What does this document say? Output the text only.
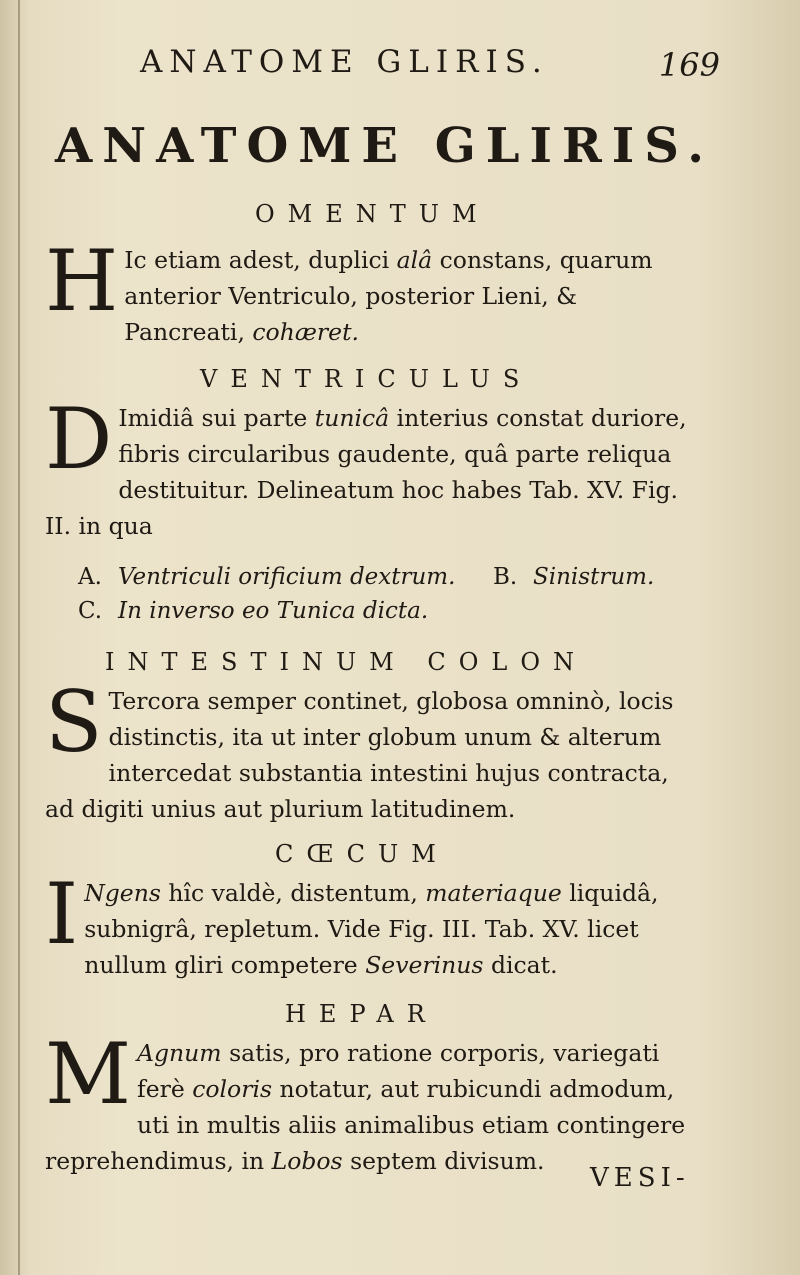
ANATOME GLIRIS.	169
ANATOME GLIRIS.
OMENTUM
H Ic etiam adest, duplici alâ constans, quarum anterior Ventriculo, posterior Lieni, & Pancreati, cohæret.

VENTRICULUS
D Imidiâ sui parte tunicâ interius constat duriore, fibris circularibus gaudente, quâ parte reliqua destituitur. Delineatum hoc habes Tab. XV. Fig. II. in qua

A. Ventriculi orificium dextrum. B. Sinistrum.
C. In inverso eo Tunica dicta.
INTESTINUM COLON
S Tercora semper continet, globosa omninò, locis distinctis, ita ut inter globum unum & alterum intercedat substantia intestini hujus contracta, ad digiti unius aut plurium latitudinem.

CŒCUM
I Ngens hîc valdè, distentum, materiaque liquidâ, subnigrâ, repletum. Vide Fig. III. Tab. XV. licet nullum gliri competere Severinus dicat.

HEPAR
M Agnum satis, pro ratione corporis, variegati ferè coloris notatur, aut rubicundi admodum, uti in multis aliis animalibus etiam contingere reprehendimus, in Lobos septem divisum.

VESI-
